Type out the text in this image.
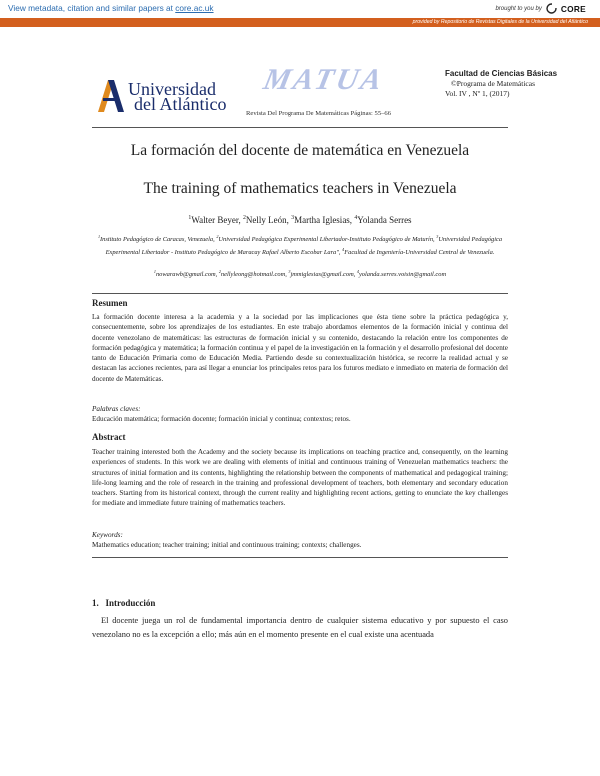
View metadata, citation and similar papers at core.ac.uk	brought to you by CORE
provided by Repositorio de Revistas Digitales de la Universidad del Atlántico
Universidad
del Atlántico
MATUA
Revista Del Programa De Matemáticas Páginas: 55–66
Facultad de Ciencias Básicas
©Programa de Matemáticas
Vol. IV , Nº 1, (2017)
La formación del docente de matemática en Venezuela
The training of mathematics teachers in Venezuela
$^1$Walter Beyer, $^2$Nelly León, $^3$Martha Iglesias, $^4$Yolanda Serres
$^1$Instituto Pedagógico de Caracas, Venezuela, $^2$Universidad Pedagógica Experimental Libertador-Instituto Pedagógico de Maturín, $^3$Universidad Pedagógica Experimental Libertador - Instituto Pedagógico de Maracay Rafael Alberto Escobar Lara", $^4$Facultad de Ingeniería-Universidad Central de Venezuela.
$^1$nowarawb@gmail.com, $^2$nellyleong@hotmail.com, $^3$jmmiglesias@gmail.com, $^4$yolanda.serres.voisin@gmail.com
Resumen
La formación docente interesa a la academia y a la sociedad por las implicaciones que ésta tiene sobre la práctica pedagógica y, consecuentemente, sobre los aprendizajes de los estudiantes. En este trabajo abordamos elementos de la formación inicial y continua del docente venezolano de matemáticas: las estructuras de formación inicial y su contenido, destacando la relación entre los componentes de formación pedagógica y matemática; la formación continua y el papel de la investigación en la formación y el desarrollo profesional del docente tanto de Educación Primaria como de Educación Media. Partiendo desde su contextualización histórica, se recorre la realidad actual y se destacan las acciones recientes, para así llegar a enunciar los principales retos para los futuros mediato e inmediato en materia de formación del docente de Matemáticas.
Palabras claves:
Educación matemática; formación docente; formación inicial y continua; contextos; retos.
Abstract
Teacher training interested both the Academy and the society because its implications on teaching practice and, consequently, on the learning experiences of students. In this work we are dealing with elements of initial and continuous training of Venezuelan mathematics teachers: the structures of initial formation and its contents, highlighting the relationship between the components of mathematical and pedagogical training; life-long learning and the role of research in the training and professional development of teachers, both elementary and secondary education teachers. Starting from its historical context, through the current reality and highlighting recent actions, getting to enunciate the key challenges for mediate and immediate future training of mathematics teachers.
Keywords:
Mathematics education; teacher training; initial and continuous training; contexts; challenges.
1. Introducción
El docente juega un rol de fundamental importancia dentro de cualquier sistema educativo y por supuesto el caso venezolano no es la excepción a ello; más aún en el momento presente en el cual existe una acentuada
